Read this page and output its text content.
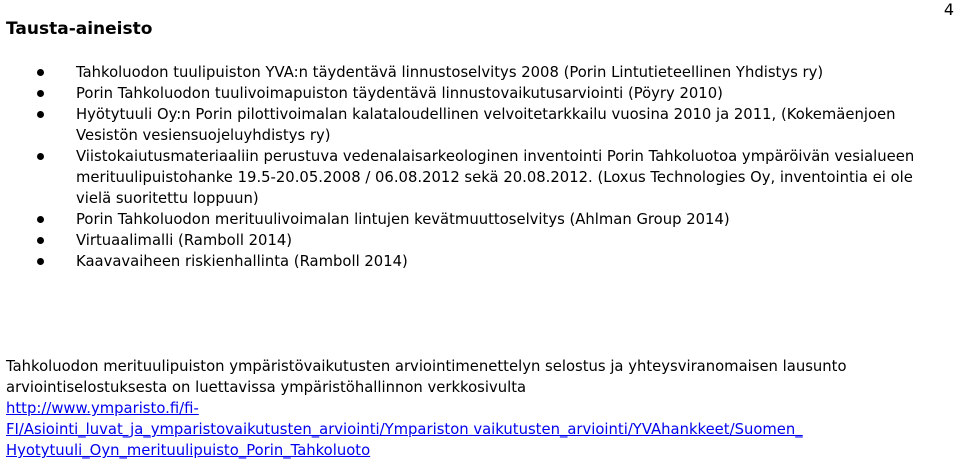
4
Tausta-aineisto
Tahkoluodon tuulipuiston YVA:n täydentävä linnustoselvitys 2008 (Porin Lintutieteellinen Yhdistys ry)
Porin Tahkoluodon tuulivoimapuiston täydentävä linnustovaikutusarviointi (Pöyry 2010)
Hyötytuuli Oy:n Porin pilottivoimalan kalataloudellinen velvoitetarkkailu vuosina 2010 ja 2011, (Kokemäenjoen Vesistön vesiensuojeluyhdistys ry)
Viistokaiutusmateriaaliin perustuva vedenalaisarkeologinen inventointi Porin Tahkoluotoa ympäröivän vesialueen merituulipuistohanke 19.5-20.05.2008 / 06.08.2012 sekä 20.08.2012. (Loxus Technologies Oy, inventointia ei ole vielä suoritettu loppuun)
Porin Tahkoluodon merituulivoimalan lintujen kevätmuuttoselvitys (Ahlman Group 2014)
Virtuaalimalli (Ramboll 2014)
Kaavavaiheen riskienhallinta (Ramboll 2014)
Tahkoluodon merituulipuiston ympäristövaikutusten arviointimenettelyn selostus ja yhteysviranomaisen lausunto arviointiselostuksesta on luettavissa ympäristöhallinnon verkkosivulta
http://www.ymparisto.fi/fi-
FI/Asiointi_luvat_ja_ymparistovaikutusten_arviointi/Ympariston vaikutusten_arviointi/YVAhankkeet/Suomen_
Hyotytuuli_Oyn_merituulipuisto_Porin_Tahkoluoto
